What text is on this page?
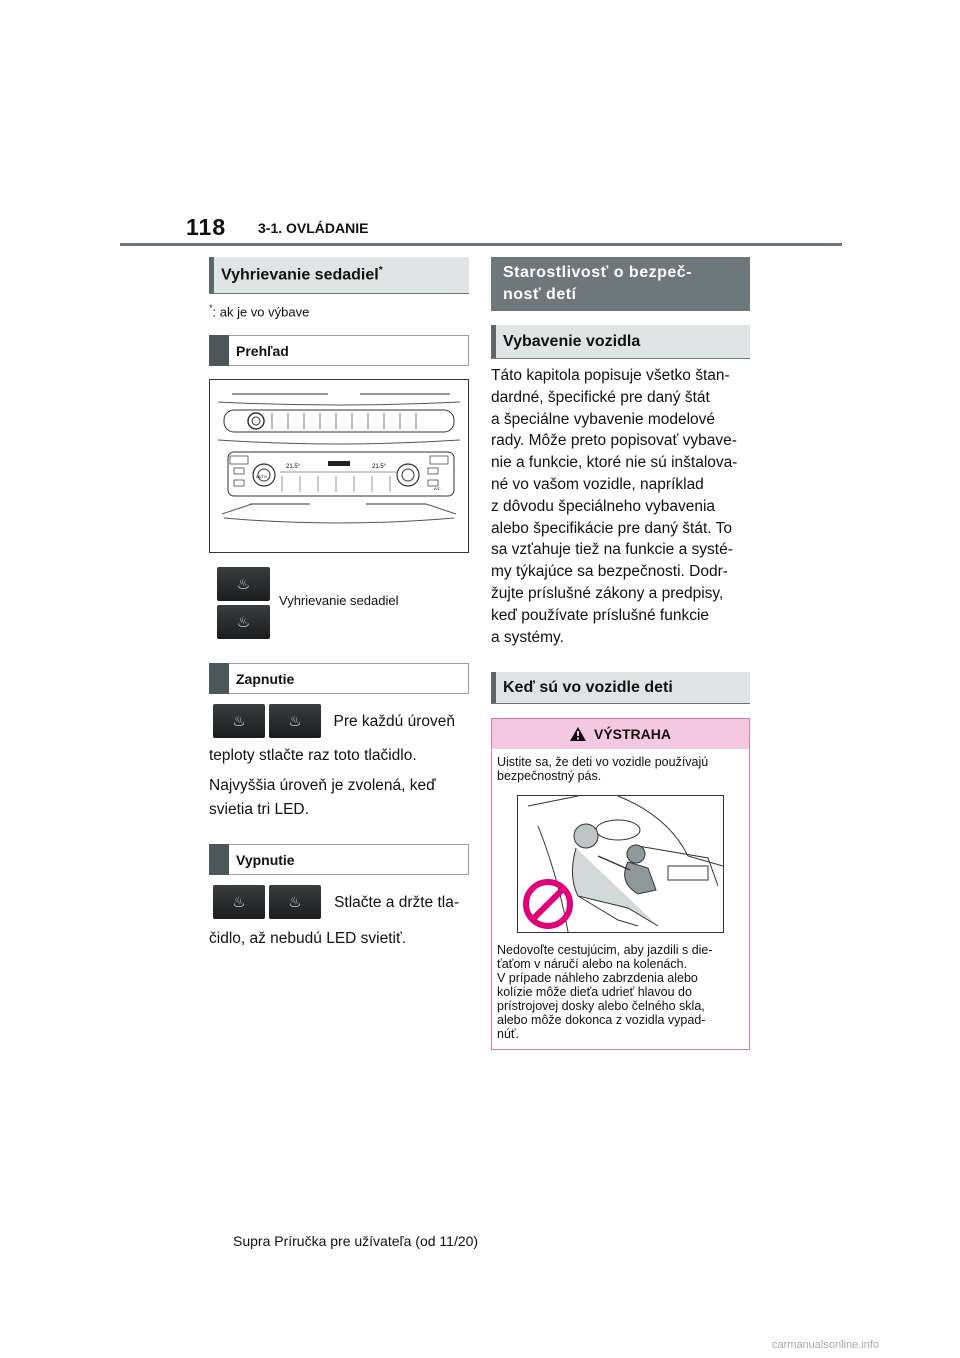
118 3-1. OVLÁDANIE
Vyhrievanie sedadiel*
*: ak je vo výbave
Prehľad
21.5°	21.5°
AUTO
A/C
♨
♨
Vyhrievanie sedadiel
Zapnutie
♨	♨ Pre každú úroveň
teploty stlačte raz toto tlačidlo.
Najvyššia úroveň je zvolená, keď
svietia tri LED.
Vypnutie
♨	♨ Stlačte a držte tla-
čidlo, až nebudú LED svietiť.
Starostlivosť o bezpeč-
nosť detí
Vybavenie vozidla
Táto kapitola popisuje všetko štan-
dardné, špecifické pre daný štát
a špeciálne vybavenie modelové
rady. Môže preto popisovať vybave-
nie a funkcie, ktoré nie sú inštalova-
né vo vašom vozidle, napríklad
z dôvodu špeciálneho vybavenia
alebo špecifikácie pre daný štát. To
sa vzťahuje tiež na funkcie a systé-
my týkajúce sa bezpečnosti. Dodr-
žujte príslušné zákony a predpisy,
keď používate príslušné funkcie
a systémy.
Keď sú vo vozidle deti
VÝSTRAHA
Uistite sa, že deti vo vozidle používajú
bezpečnostný pás.
Nedovoľte cestujúcim, aby jazdili s die-
ťaťom v náručí alebo na kolenách.
V prípade náhleho zabrzdenia alebo
kolízie môže dieťa udrieť hlavou do
prístrojovej dosky alebo čelného skla,
alebo môže dokonca z vozidla vypad-
núť.
Supra Príručka pre užívateľa (od 11/20)
carmanualsonline.info
